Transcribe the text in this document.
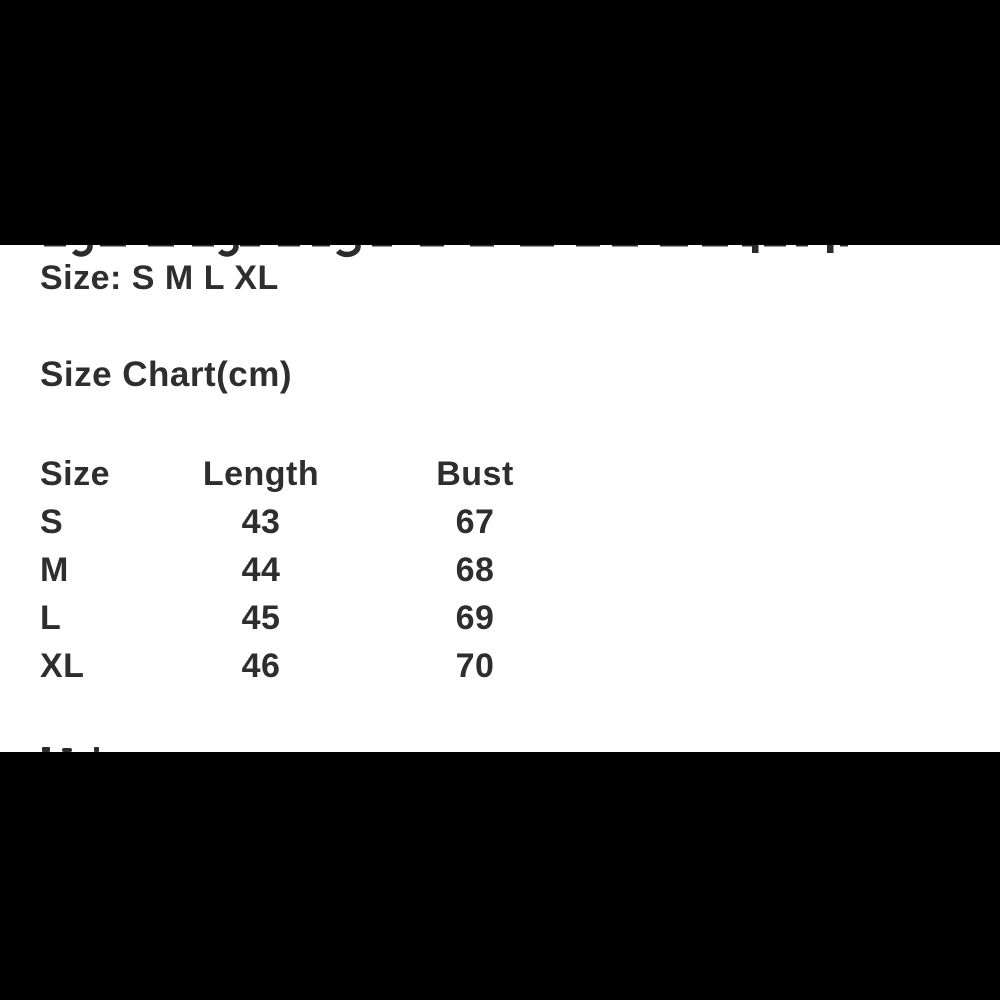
Size: S M L XL
Size Chart(cm)
Size	Length	Bust
S	43	67
M	44	68
L	45	69
XL	46	70
